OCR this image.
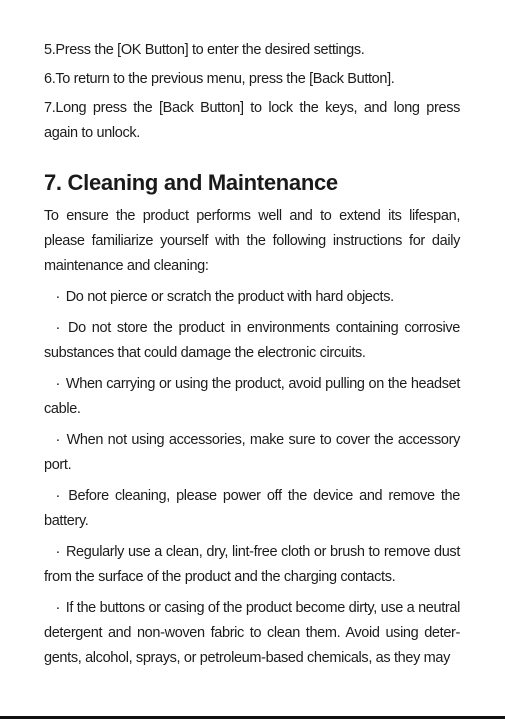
5.Press the [OK Button] to enter the desired settings.

6.To return to the previous menu, press the [Back Button].

7.Long press the [Back Button] to lock the keys, and long press again to unlock.

7. Cleaning and Maintenance

To ensure the product performs well and to extend its lifespan, please familiarize yourself with the following instructions for daily maintenance and cleaning:

· Do not pierce or scratch the product with hard objects.

· Do not store the product in environments containing corrosive substances that could damage the electronic circuits.

· When carrying or using the product, avoid pulling on the headset cable.

· When not using accessories, make sure to cover the accessory port.

· Before cleaning, please power off the device and remove the battery.

· Regularly use a clean, dry, lint-free cloth or brush to remove dust from the surface of the product and the charging contacts.

· If the buttons or casing of the product become dirty, use a neutral detergent and non-woven fabric to clean them. Avoid using deter-gents, alcohol, sprays, or petroleum-based chemicals, as they may
